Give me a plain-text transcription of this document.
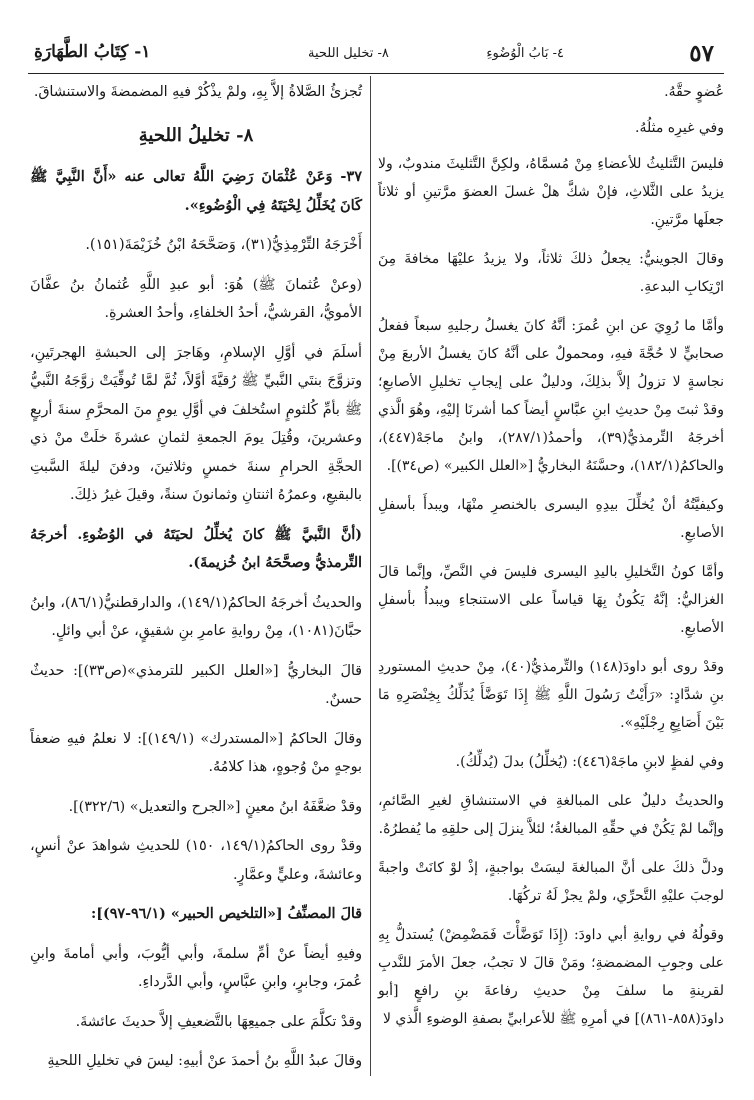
٥٧
٤- بَابُ الْوُضُوءِ
٨- تخليل اللحية
١- كِتَابُ الطَّهَارَةِ

عُضوٍ حقَّهُ.

وفي غيرِه مثلُهُ.

فليسَ التَّثليثُ للأعضاءِ مِنْ مُسمَّاهُ، ولكِنَّ التَّثليثَ مندوبٌ، ولا يزيدُ على الثَّلاثِ، فإنْ شكَّ هلْ غسلَ العضوَ مرَّتينِ أو ثلاثاً جعلَها مرَّتينِ.

وقالَ الجوينيُّ: يجعلُ ذلكَ ثلاثاً، ولا يزيدُ عليْهَا مخافةَ مِنَ ارْتِكابِ البدعةِ.

وأمَّا ما رُوِيَ عن ابنِ عُمرَ: أنَّهُ كانَ يغسلُ رجليهِ سبعاً ففعلُ صحابيٍّ لا حُجَّةَ فيهِ، ومحمولٌ على أنَّهُ كانَ يغسلُ الأربعَ مِنْ نجاسةٍ لا تزولُ إلاَّ بذلِكَ، ودليلٌ على إيجابِ تخليلِ الأصابعِ؛ وقدْ ثبتَ مِنْ حديثِ ابنِ عبَّاسٍ أيضاً كما أشرنَا إليْهِ، وهُوَ الَّذي أخرجَهُ التِّرمذيُّ(٣٩)، وأحمدُ(٢٨٧/١)، وابنُ ماجَهْ(٤٤٧)، والحاكمُ(١٨٢/١)، وحسَّنَهُ البخاريُّ [«العلل الكبير» (ص٣٤)].

وكيفيَّتُهُ أنْ يُخلِّلَ بيدِهِ اليسرى بالخنصرِ منْهَا، ويبدأَ بأسفلِ الأصابعِ.

وأمَّا كونُ التَّخليلِ باليدِ اليسرى فليسَ في النَّصِّ، وإنَّما قالَ الغزاليُّ: إنَّهُ يَكُونُ بِهَا قياساً على الاستنجاءِ ويبدأُ بأسفلِ الأصابعِ.

وقدْ روى أبو داودَ(١٤٨) والتِّرمذيُّ(٤٠)، مِنْ حديثِ المستوردِ بنِ شدَّادٍ: «رَأَيْتُ رَسُولَ اللَّهِ ﷺ إِذَا تَوَضَّأَ يُدَلِّكُ بِخِنْصَرِهِ مَا بَيْنَ أَصَابِعِ رِجْلَيْهِ».

وفي لفظٍ لابنِ ماجَهْ(٤٤٦): (يُخلِّلُ) بدلَ (يُدلِّكُ).

والحديثُ دليلٌ على المبالغةِ في الاستنشاقِ لغيرِ الصَّائمِ، وإنَّما لمْ يَكُنْ في حقِّهِ المبالغةُ؛ لئلاَّ ينزلَ إلى حلقِهِ ما يُفطرُهُ.

ودلَّ ذلكَ على أنَّ المبالغةَ ليسَتْ بواجبةٍ، إذْ لوْ كانَتْ واجبةً لوجبَ عليْهِ التَّحرِّي، ولمْ يجزْ لَهُ تركُهَا.

وقولُهُ في روايةِ أبي داودَ: (إِذَا تَوَضَّأْتَ فَمَضْمِضْ) يُستدلُّ بِهِ على وجوبِ المضمضةِ؛ ومَنْ قالَ لا تجبُ، جعلَ الأمرَ للنَّدبِ لقرينةِ ما سلفَ مِنْ حديثِ رفاعةَ بنِ رافعٍ [أبو داودَ(٨٥٨-٨٦١)] في أمرِهِ ﷺ للأعرابيِّ بصفةِ الوضوءِ الَّذي لا

تُجزئُ الصَّلاةُ إلاَّ بِهِ، ولمْ يذْكُرْ فيهِ المضمضةَ والاستنشاقَ.

٨- تخليلُ اللحيةِ

٣٧- وَعَنْ عُثْمَانَ رَضِيَ اللَّهُ تعالى عنه «أَنَّ النَّبِيَّ ﷺ كَانَ يُخَلِّلُ لِحْيَتَهُ فِي الْوُضُوءِ».

أَخْرَجَهُ التِّرْمِذِيُّ(٣١)، وَصَحَّحَهُ ابْنُ خُزَيْمَةَ(١٥١).

(وعنْ عُثمانَ ﷺ) هُوَ: أبو عبدِ اللَّهِ عُثمانُ بنُ عفَّانَ الأمويُّ، القرشيُّ، أحدُ الخلفاءِ، وأحدُ العشرةِ.

أسلَمَ في أوَّلِ الإسلامِ، وهَاجرَ إلى الحبشةِ الهجرتَينِ، وتزوَّجَ بنتَي النَّبيِّ ﷺ رُقيَّةَ أوَّلاً، ثُمَّ لمَّا تُوفِّيَتْ زوَّجَهُ النَّبيُّ ﷺ بأمِّ كُلثومٍ استُخلفَ في أوَّلِ يومٍ منَ المحرَّمِ سنةَ أربعٍ وعشرينَ، وقُتِلَ يومَ الجمعةِ لثمانِ عشرةَ خلَتْ منْ ذي الحجَّةِ الحرامِ سنةَ خمسٍ وثلاثينَ، ودفنَ ليلةَ السَّبتِ بالبقيعِ، وعمرُهُ اثنتانِ وثمانونَ سنةً، وقيلَ غيرُ ذلِكَ.

(أنَّ النَّبيَّ ﷺ كانَ يُخلِّلُ لحيَتَهُ في الوُضُوءِ. أخرجَهُ التِّرمذيُّ وصحَّحَهُ ابنُ خُزيمةَ).

والحديثُ أخرجَهُ الحاكمُ(١٤٩/١)، والدارقطنيُّ(٨٦/١)، وابنُ حبَّانَ(١٠٨١)، مِنْ روايةِ عامرِ بنِ شقيقٍ، عنْ أبي وائلٍ.

قالَ البخاريُّ [«العلل الكبير للترمذي»(ص٣٣)]: حديثٌ حسنٌ.

وقالَ الحاكمُ [«المستدرك» (١٤٩/١)]: لا نعلمُ فيهِ ضعفاً بوجهٍ منْ وُجوهٍ، هذا كلامُهُ.

وقدْ ضعَّفَهُ ابنُ معينٍ [«الجرح والتعديل» (٣٢٢/٦)].

وقدْ روى الحاكمُ(١٤٩/١، ١٥٠) للحديثِ شواهدَ عنْ أنسٍ، وعائشةَ، وعليٍّ وعمَّارٍ.

قالَ المصنِّفُ [«التلخيص الحبير» (٩٦/١-٩٧)]:

وفيهِ أيضاً عنْ أمِّ سلمةَ، وأبي أيُّوبَ، وأبي أمامةَ وابنِ عُمرَ، وجابرٍ، وابنِ عبَّاسٍ، وأبي الدَّرداءِ.

وقدْ تكلَّمَ على جميعِهَا بالتَّضعيفِ إلاَّ حديثَ عائشةَ.

وقالَ عبدُ اللَّهِ بنُ أحمدَ عنْ أبيهِ: ليسَ في تخليلِ اللحيةِ
